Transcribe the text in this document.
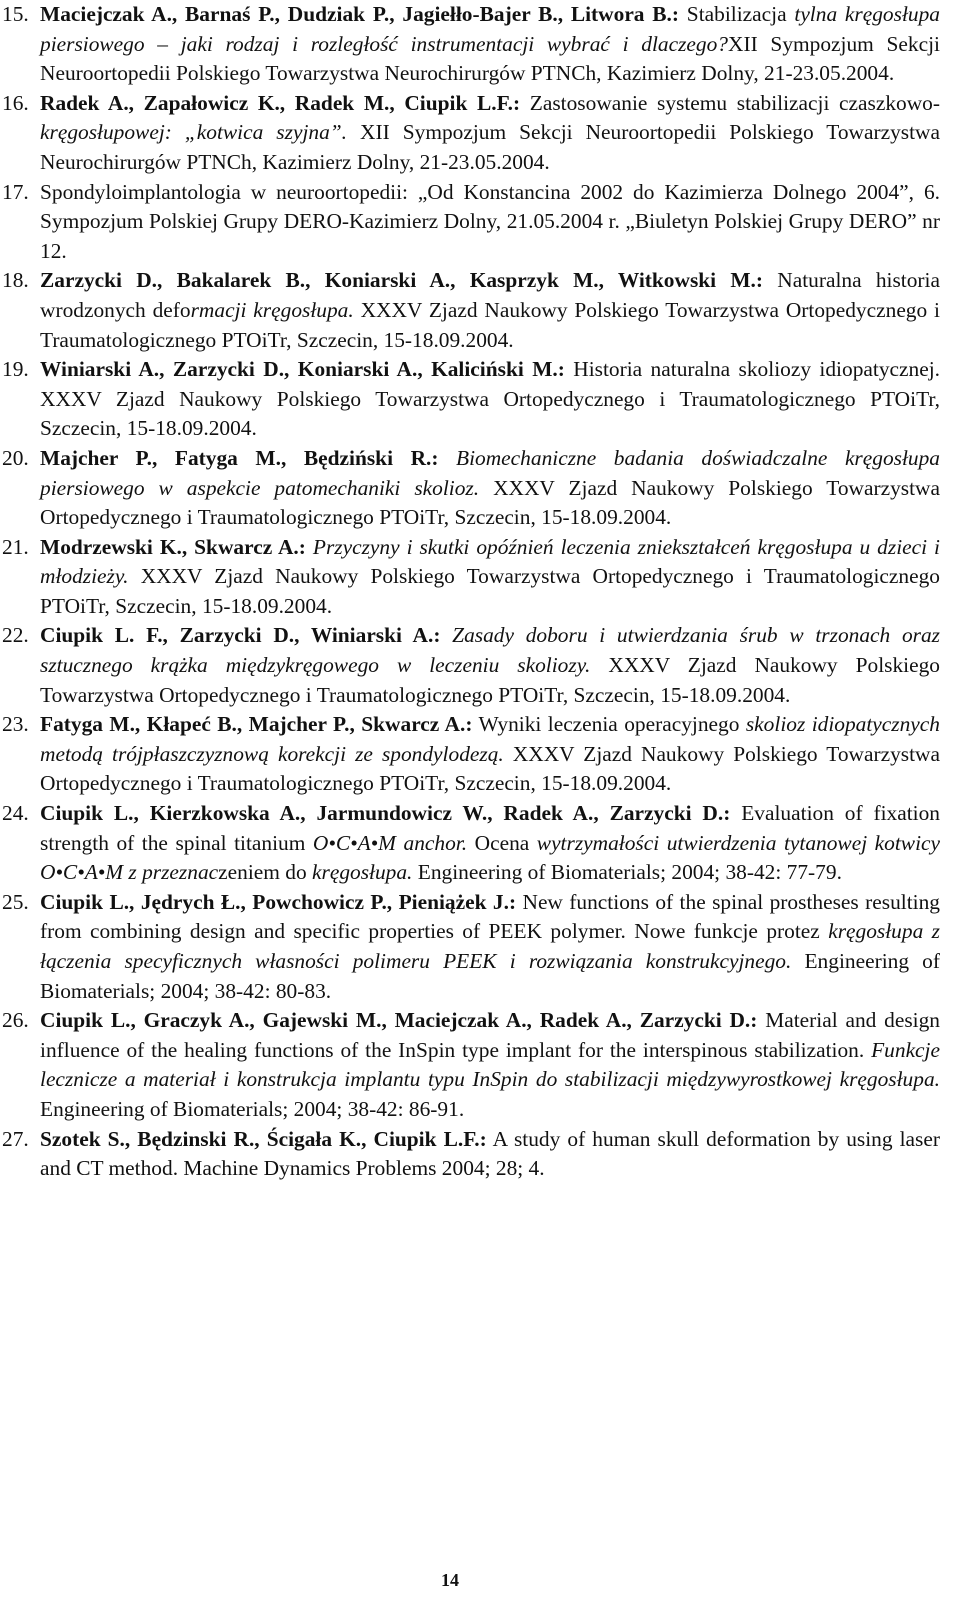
15. Maciejczak A., Barnaś P., Dudziak P., Jagiełło-Bajer B., Litwora B.: Stabilizacja tylna kręgosłupa piersiowego – jaki rodzaj i rozległość instrumentacji wybrać i dlaczego?XII Sympozjum Sekcji Neuroortopedii Polskiego Towarzystwa Neurochirurgów PTNCh, Kazimierz Dolny, 21-23.05.2004.
16. Radek A., Zapałowicz K., Radek M., Ciupik L.F.: Zastosowanie systemu stabilizacji czaszkowo-kręgosłupowej: „kotwica szyjna”. XII Sympozjum Sekcji Neuroortopedii Polskiego Towarzystwa Neurochirurgów PTNCh, Kazimierz Dolny, 21-23.05.2004.
17. Spondyloimplantologia w neuroortopedii: „Od Konstancina 2002 do Kazimierza Dolnego 2004”, 6. Sympozjum Polskiej Grupy DERO-Kazimierz Dolny, 21.05.2004 r. „Biuletyn Polskiej Grupy DERO” nr 12.
18. Zarzycki D., Bakalarek B., Koniarski A., Kasprzyk M., Witkowski M.: Naturalna historia wrodzonych deformacji kręgosłupa. XXXV Zjazd Naukowy Polskiego Towarzystwa Ortopedycznego i Traumatologicznego PTOiTr, Szczecin, 15-18.09.2004.
19. Winiarski A., Zarzycki D., Koniarski A., Kaliciński M.: Historia naturalna skoliozy idiopatycznej. XXXV Zjazd Naukowy Polskiego Towarzystwa Ortopedycznego i Traumatologicznego PTOiTr, Szczecin, 15-18.09.2004.
20. Majcher P., Fatyga M., Będziński R.: Biomechaniczne badania doświadczalne kręgosłupa piersiowego w aspekcie patomechaniki skolioz. XXXV Zjazd Naukowy Polskiego Towarzystwa Ortopedycznego i Traumatologicznego PTOiTr, Szczecin, 15-18.09.2004.
21. Modrzewski K., Skwarcz A.: Przyczyny i skutki opóźnień leczenia zniekształceń kręgosłupa u dzieci i młodzieży. XXXV Zjazd Naukowy Polskiego Towarzystwa Ortopedycznego i Traumatologicznego PTOiTr, Szczecin, 15-18.09.2004.
22. Ciupik L. F., Zarzycki D., Winiarski A.: Zasady doboru i utwierdzania śrub w trzonach oraz sztucznego krążka międzykręgowego w leczeniu skoliozy. XXXV Zjazd Naukowy Polskiego Towarzystwa Ortopedycznego i Traumatologicznego PTOiTr, Szczecin, 15-18.09.2004.
23. Fatyga M., Kłapeć B., Majcher P., Skwarcz A.: Wyniki leczenia operacyjnego skolioz idiopatycznych metodą trójpłaszczyznową korekcji ze spondylodezą. XXXV Zjazd Naukowy Polskiego Towarzystwa Ortopedycznego i Traumatologicznego PTOiTr, Szczecin, 15-18.09.2004.
24. Ciupik L., Kierzkowska A., Jarmundowicz W., Radek A., Zarzycki D.: Evaluation of fixation strength of the spinal titanium O•C•A•M anchor. Ocena wytrzymałości utwierdzenia tytanowej kotwicy O•C•A•M z przeznaczeniem do kręgosłupa. Engineering of Biomaterials; 2004; 38-42: 77-79.
25. Ciupik L., Jędrych Ł., Powchowicz P., Pieniążek J.: New functions of the spinal prostheses resulting from combining design and specific properties of PEEK polymer. Nowe funkcje protez kręgosłupa z łączenia specyficznych własności polimeru PEEK i rozwiązania konstrukcyjnego. Engineering of Biomaterials; 2004; 38-42: 80-83.
26. Ciupik L., Graczyk A., Gajewski M., Maciejczak A., Radek A., Zarzycki D.: Material and design influence of the healing functions of the InSpin type implant for the interspinous stabilization. Funkcje lecznicze a materiał i konstrukcja implantu typu InSpin do stabilizacji międzywyrostkowej kręgosłupa. Engineering of Biomaterials; 2004; 38-42: 86-91.
27. Szotek S., Będzinski R., Ścigała K., Ciupik L.F.: A study of human skull deformation by using laser and CT method. Machine Dynamics Problems 2004; 28; 4.
14
